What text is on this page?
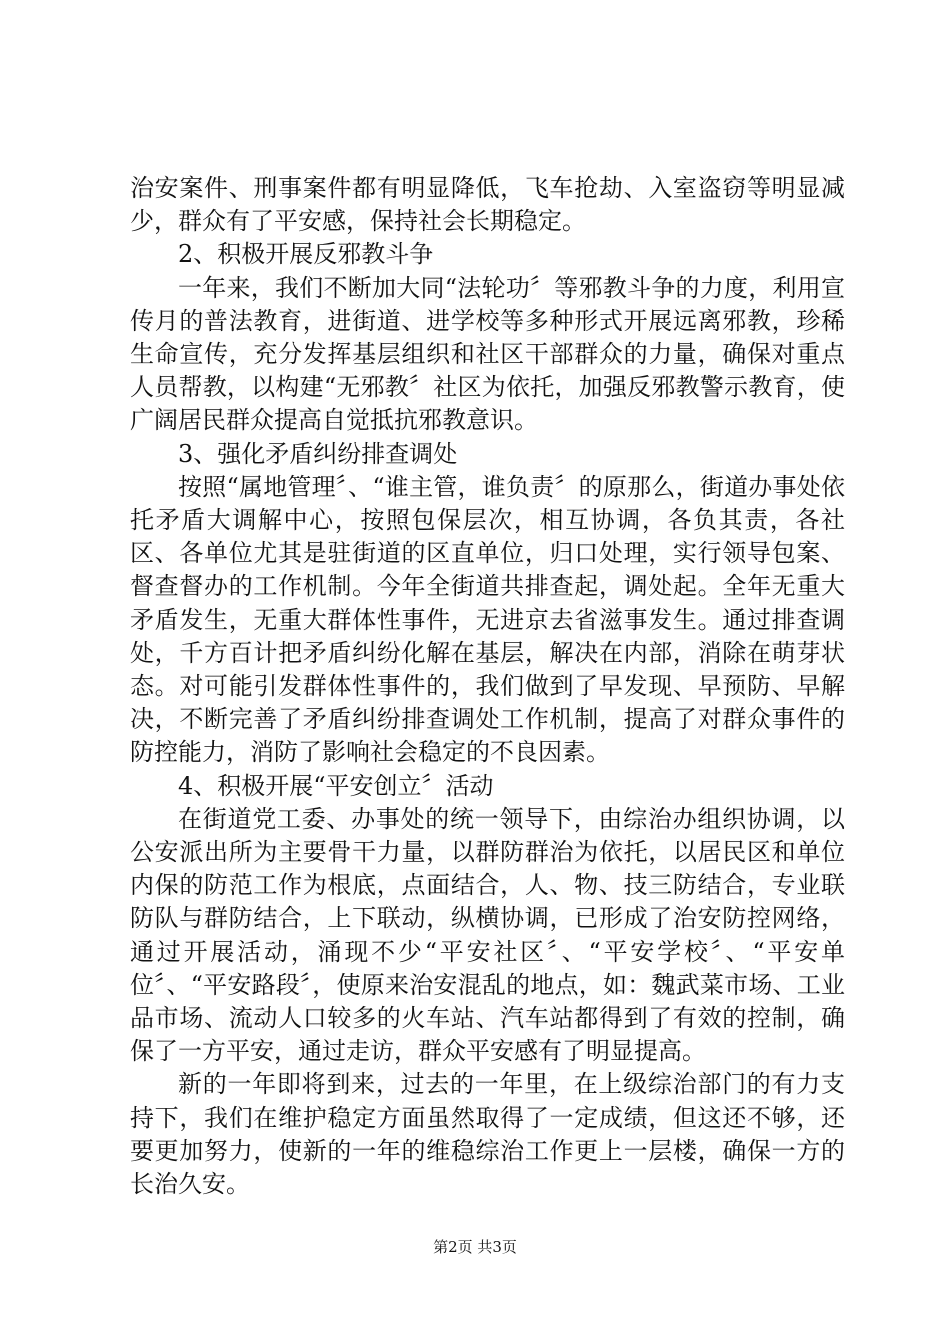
治安案件、刑事案件都有明显降低，飞车抢劫、入室盗窃等明显减少，群众有了平安感，保持社会长期稳定。

2、积极开展反邪教斗争

一年来，我们不断加大同“法轮功〞等邪教斗争的力度，利用宣传月的普法教育，进街道、进学校等多种形式开展远离邪教，珍稀生命宣传，充分发挥基层组织和社区干部群众的力量，确保对重点人员帮教，以构建“无邪教〞社区为依托，加强反邪教警示教育，使广阔居民群众提高自觉抵抗邪教意识。

3、强化矛盾纠纷排查调处

按照“属地管理〞、“谁主管，谁负责〞的原那么，街道办事处依托矛盾大调解中心，按照包保层次，相互协调，各负其责，各社区、各单位尤其是驻街道的区直单位，归口处理，实行领导包案、督查督办的工作机制。今年全街道共排查起，调处起。全年无重大矛盾发生，无重大群体性事件，无进京去省滋事发生。通过排查调处，千方百计把矛盾纠纷化解在基层，解决在内部，消除在萌芽状态。对可能引发群体性事件的，我们做到了早发现、早预防、早解决，不断完善了矛盾纠纷排查调处工作机制，提高了对群众事件的防控能力，消防了影响社会稳定的不良因素。

4、积极开展“平安创立〞活动

在街道党工委、办事处的统一领导下，由综治办组织协调，以公安派出所为主要骨干力量，以群防群治为依托，以居民区和单位内保的防范工作为根底，点面结合，人、物、技三防结合，专业联防队与群防结合，上下联动，纵横协调，已形成了治安防控网络，通过开展活动，涌现不少“平安社区〞、“平安学校〞、“平安单位〞、“平安路段〞，使原来治安混乱的地点，如：魏武菜市场、工业品市场、流动人口较多的火车站、汽车站都得到了有效的控制，确保了一方平安，通过走访，群众平安感有了明显提高。

新的一年即将到来，过去的一年里，在上级综治部门的有力支持下，我们在维护稳定方面虽然取得了一定成绩，但这还不够，还要更加努力，使新的一年的维稳综治工作更上一层楼，确保一方的长治久安。

第2页 共3页
